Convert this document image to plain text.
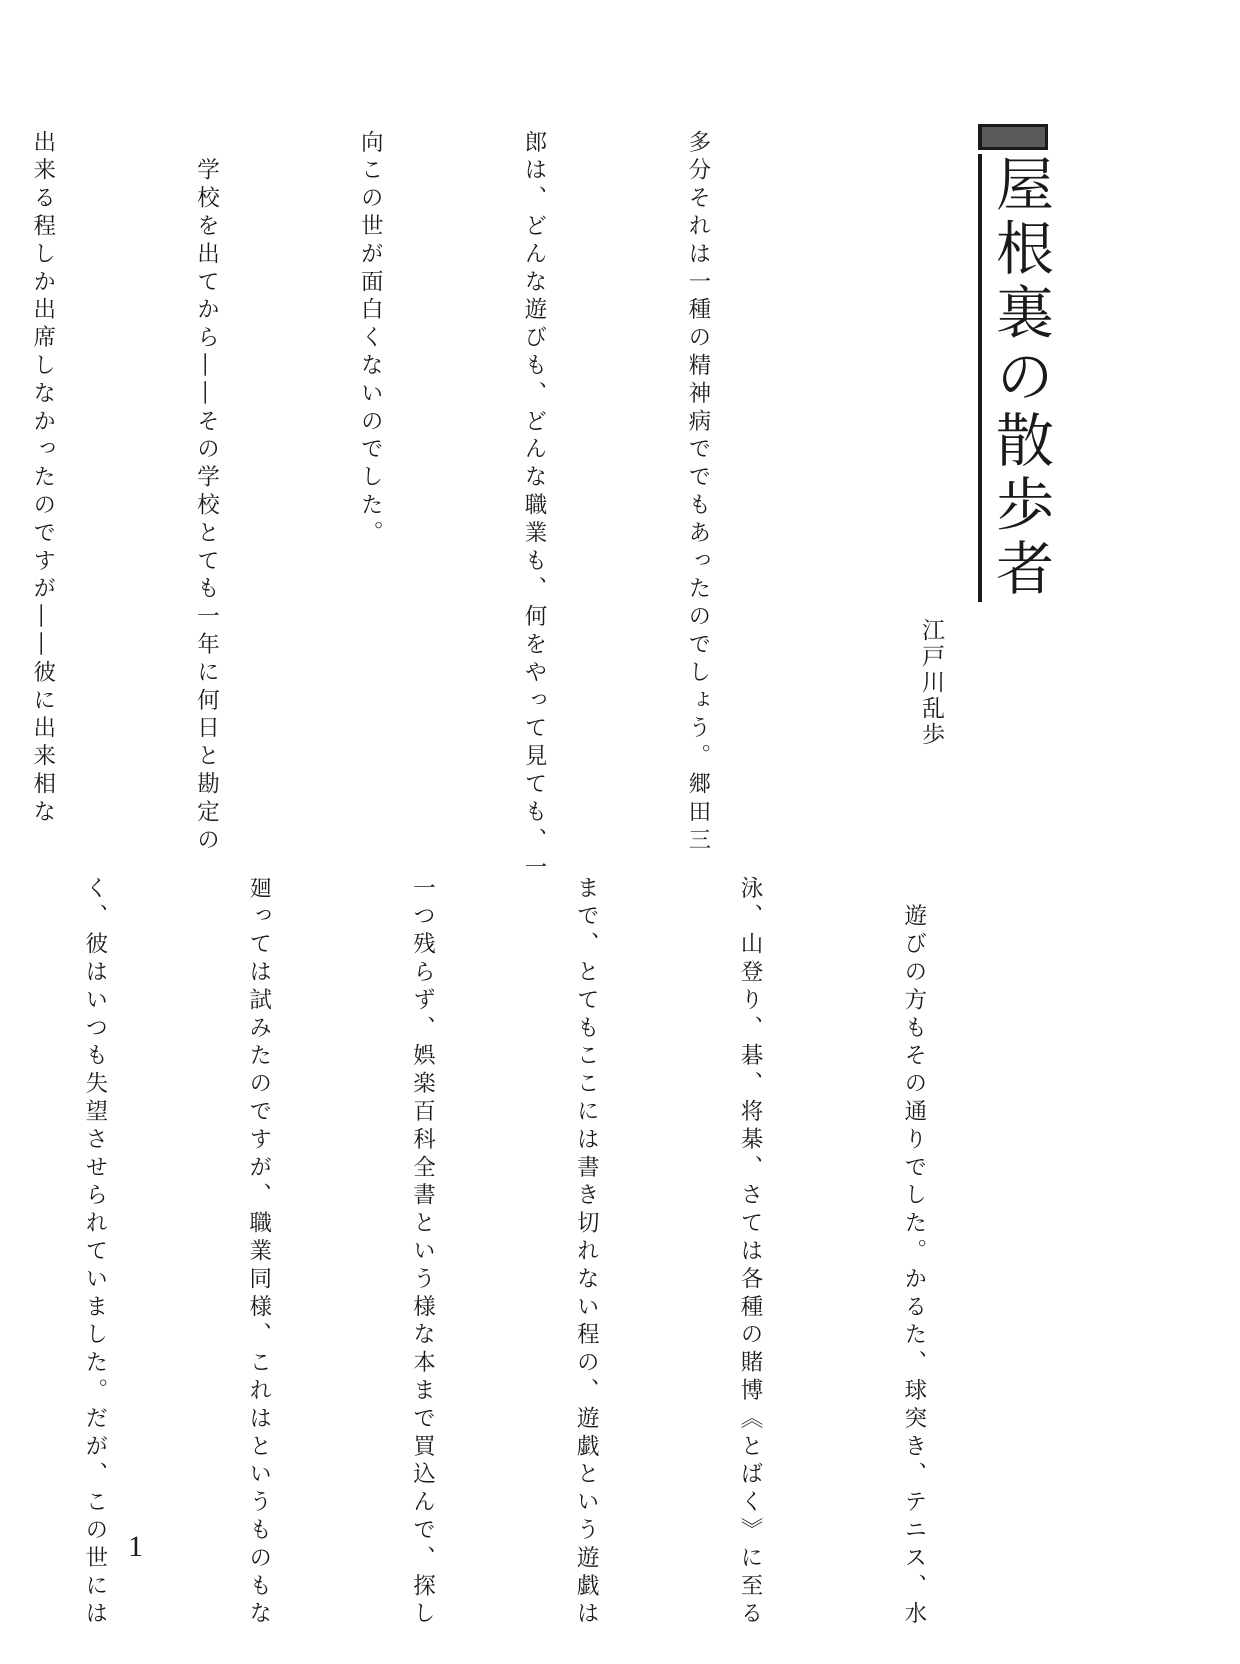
屋根裏の散歩者
江戸川乱歩

多分それは一種の精神病ででもあったのでしょう。郷田三

郎は、どんな遊びも、どんな職業も、何をやって見ても、一

向この世が面白くないのでした。

　学校を出てから――その学校とても一年に何日と勘定の

出来る程しか出席しなかったのですが――彼に出来相な

　遊びの方もその通りでした。かるた、球突き、テニス、水

泳、山登り、碁、将棊、さては各種の賭博《とばく》に至る

まで、とてもここには書き切れない程の、遊戯という遊戯は

一つ残らず、娯楽百科全書という様な本まで買込んで、探し

廻っては試みたのですが、職業同様、これはというものもな

く、彼はいつも失望させられていました。だが、この世には

1
